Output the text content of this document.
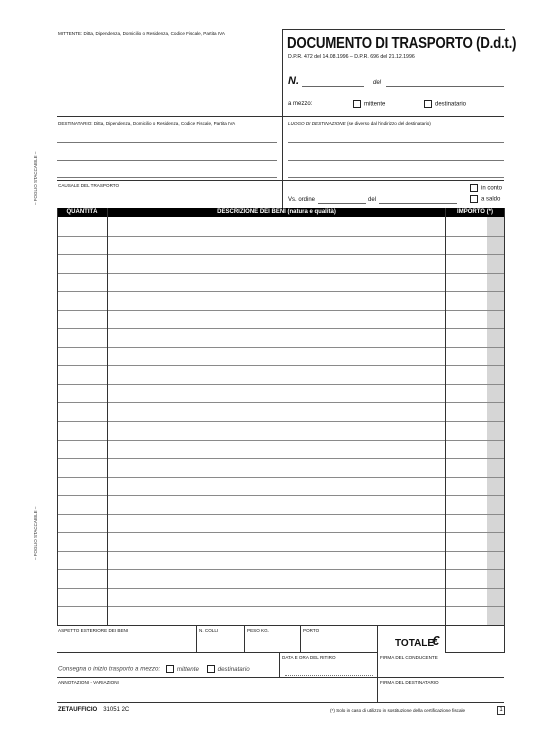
– FOGLIO STACCABILE –
– FOGLIO STACCABILE –
MITTENTE: Ditta, Dipendenza, Domicilio o Residenza, Codice Fiscale, Partita IVA
DOCUMENTO DI TRASPORTO (D.d.t.)
D.P.R. 472 del 14.08.1996 – D.P.R. 696 del 21.12.1996
N.	del
a mezzo:	mittente	destinatario
DESTINATARIO: Ditta, Dipendenza, Domicilio o Residenza, Codice Fiscale, Partita IVA	LUOGO DI DESTINAZIONE (se diverso dal l'indirizzo del destinatario)
CAUSALE DEL TRASPORTO
Vs. ordine	del
in conto
a saldo
QUANTITÀ	DESCRIZIONE DEI BENI (natura e qualità)	IMPORTO (*)
ASPETTO ESTERIORE DEI BENI	N. COLLI	PESO KG.	PORTO
TOTALE
€
Consegna o inizio trasporto a mezzo:	mittente	destinatario
DATA E ORA DEL RITIRO	FIRMA DEL CONDUCENTE
ANNOTAZIONI - VARIAZIONI	FIRMA DEL DESTINATARIO
ZETAUFFICIO 31051 2C	(*) Solo in caso di utilizzo in sostituzione della certificazione fiscale	1
